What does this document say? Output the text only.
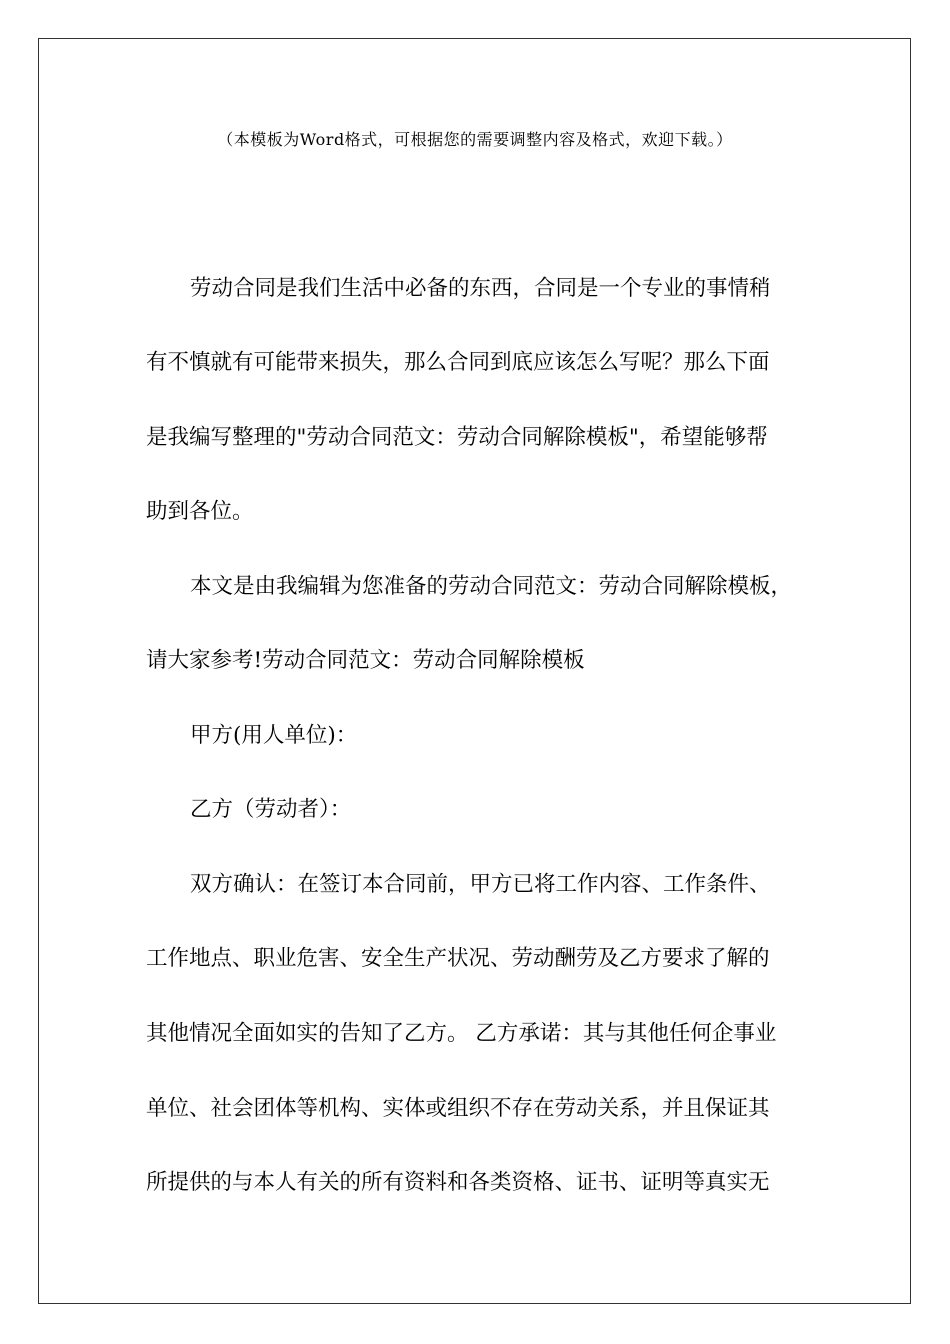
（本模板为Word格式，可根据您的需要调整内容及格式，欢迎下载。）
劳动合同是我们生活中必备的东西，合同是一个专业的事情稍
有不慎就有可能带来损失，那么合同到底应该怎么写呢？那么下面
是我编写整理的"劳动合同范文：劳动合同解除模板"，希望能够帮
助到各位。
本文是由我编辑为您准备的劳动合同范文：劳动合同解除模板，
请大家参考!劳动合同范文：劳动合同解除模板
甲方(用人单位)：
乙方（劳动者）：
双方确认：在签订本合同前，甲方已将工作内容、工作条件、
工作地点、职业危害、安全生产状况、劳动酬劳及乙方要求了解的
其他情况全面如实的告知了乙方。 乙方承诺：其与其他任何企事业
单位、社会团体等机构、实体或组织不存在劳动关系，并且保证其
所提供的与本人有关的所有资料和各类资格、证书、证明等真实无
